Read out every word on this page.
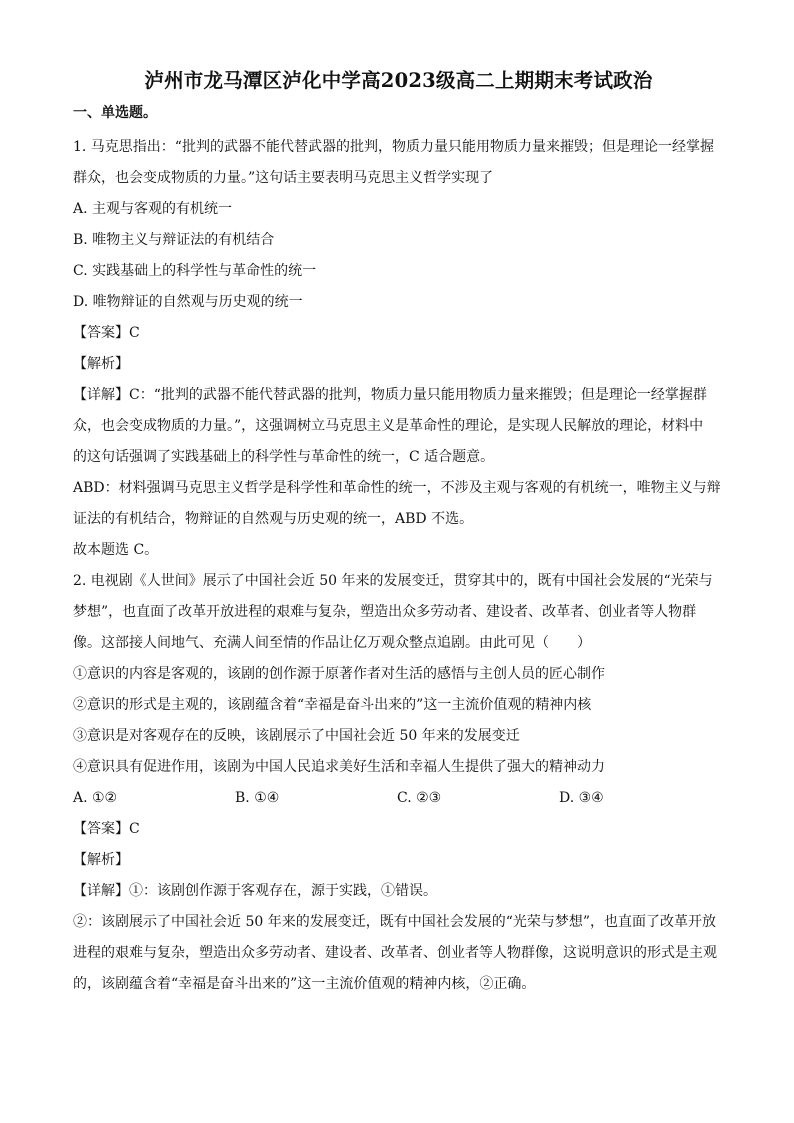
泸州市龙马潭区泸化中学高2023级高二上期期末考试政治
一、单选题。

1. 马克思指出：“批判的武器不能代替武器的批判，物质力量只能用物质力量来摧毁；但是理论一经掌握

群众，也会变成物质的力量。”这句话主要表明马克思主义哲学实现了

A. 主观与客观的有机统一

B. 唯物主义与辩证法的有机结合

C. 实践基础上的科学性与革命性的统一

D. 唯物辩证的自然观与历史观的统一

【答案】C

【解析】

【详解】C：“批判的武器不能代替武器的批判，物质力量只能用物质力量来摧毁；但是理论一经掌握群

众，也会变成物质的力量。”，这强调树立马克思主义是革命性的理论，是实现人民解放的理论，材料中

的这句话强调了实践基础上的科学性与革命性的统一，C 适合题意。

ABD：材料强调马克思主义哲学是科学性和革命性的统一，不涉及主观与客观的有机统一，唯物主义与辩

证法的有机结合，物辩证的自然观与历史观的统一，ABD 不选。

故本题选 C。

2. 电视剧《人世间》展示了中国社会近 50 年来的发展变迁，贯穿其中的，既有中国社会发展的“光荣与

梦想”，也直面了改革开放进程的艰难与复杂，塑造出众多劳动者、建设者、改革者、创业者等人物群

像。这部接人间地气、充满人间至情的作品让亿万观众整点追剧。由此可见（　　）

①意识的内容是客观的，该剧的创作源于原著作者对生活的感悟与主创人员的匠心制作

②意识的形式是主观的，该剧蕴含着“幸福是奋斗出来的”这一主流价值观的精神内核

③意识是对客观存在的反映，该剧展示了中国社会近 50 年来的发展变迁

④意识具有促进作用，该剧为中国人民追求美好生活和幸福人生提供了强大的精神动力

A. ①②	B. ①④	C. ②③	D. ③④

【答案】C

【解析】

【详解】①：该剧创作源于客观存在，源于实践，①错误。

②：该剧展示了中国社会近 50 年来的发展变迁，既有中国社会发展的“光荣与梦想”，也直面了改革开放

进程的艰难与复杂，塑造出众多劳动者、建设者、改革者、创业者等人物群像，这说明意识的形式是主观

的，该剧蕴含着“幸福是奋斗出来的”这一主流价值观的精神内核，②正确。
